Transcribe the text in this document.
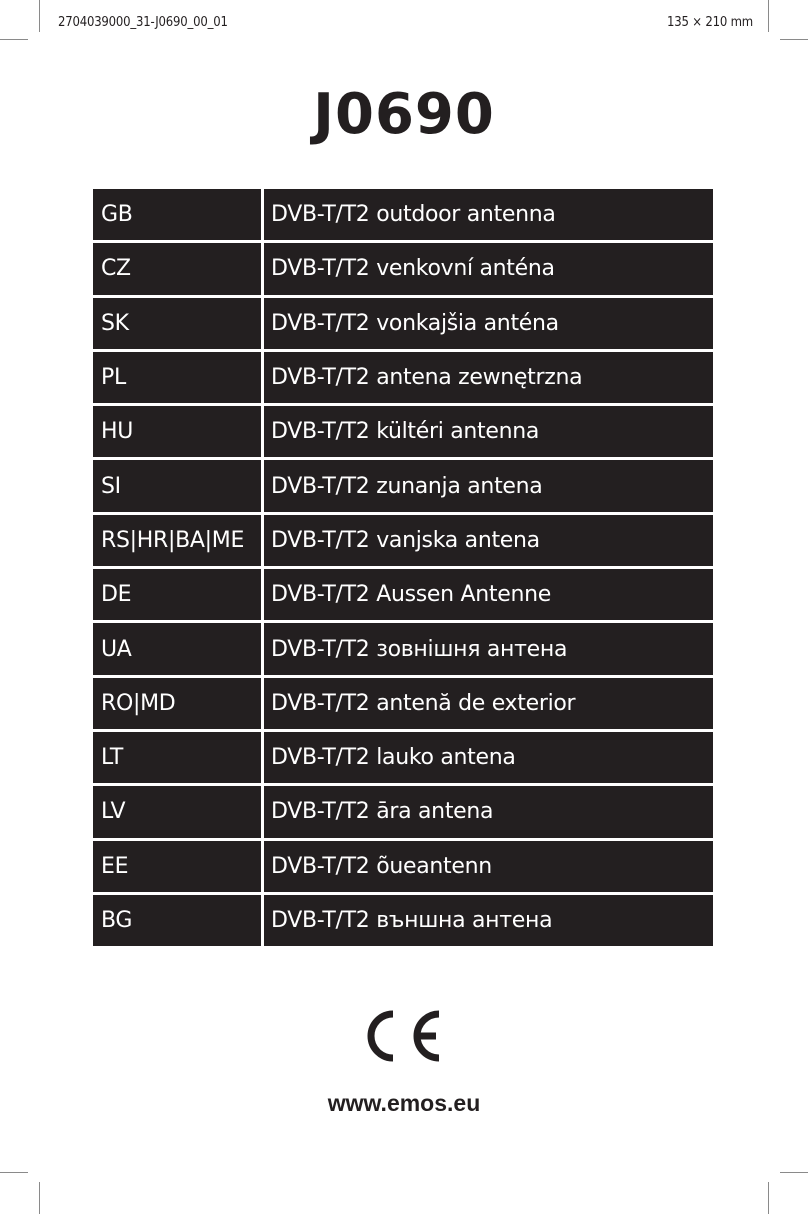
2704039000_31-J0690_00_01	135 × 210 mm
J0690
GB	DVB-T/T2 outdoor antenna
CZ	DVB-T/T2 venkovní anténa
SK	DVB-T/T2 vonkajšia anténa
PL	DVB-T/T2 antena zewnętrzna
HU	DVB-T/T2 kültéri antenna
SI	DVB-T/T2 zunanja antena
RS|HR|BA|ME	DVB-T/T2 vanjska antena
DE	DVB-T/T2 Aussen Antenne
UA	DVB-T/T2 зовнішня антена
RO|MD	DVB-T/T2 antenă de exterior
LT	DVB-T/T2 lauko antena
LV	DVB-T/T2 āra antena
EE	DVB-T/T2 õueantenn
BG	DVB-T/T2 външна антена
www.emos.eu
